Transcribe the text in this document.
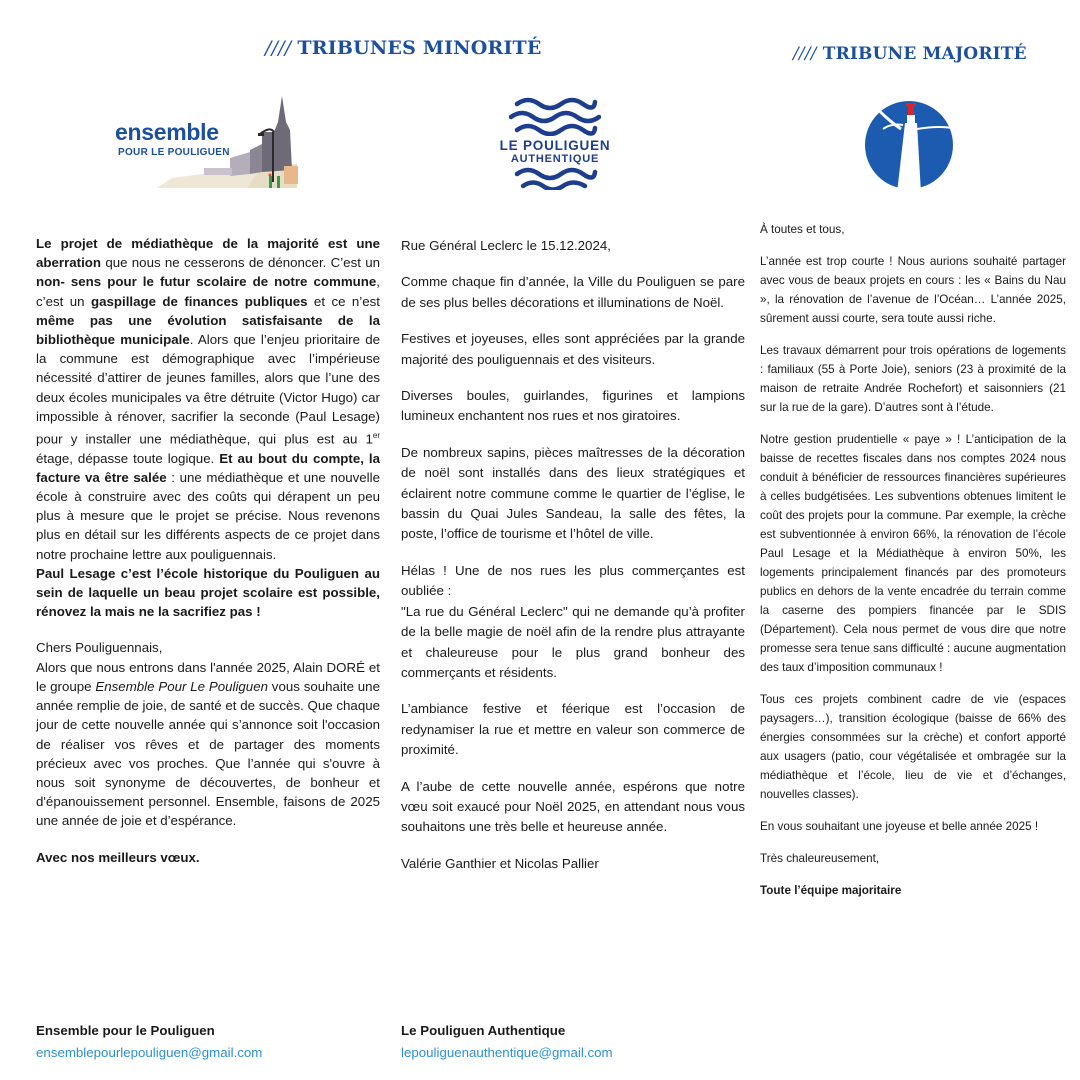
//// TRIBUNES MINORITÉ	//// TRIBUNE MAJORITÉ
ensemble
POUR LE POULIGUEN	LE POULIGUEN
AUTHENTIQUE

Le projet de médiathèque de la majorité est une aberration que nous ne cesserons de dénoncer. C’est un non- sens pour le futur scolaire de notre commune, c’est un gaspillage de finances publiques et ce n’est même pas une évolution satisfaisante de la bibliothèque municipale. Alors que l’enjeu prioritaire de la commune est démographique avec l’impérieuse nécessité d’attirer de jeunes familles, alors que l’une des deux écoles municipales va être détruite (Victor Hugo) car impossible à rénover, sacrifier la seconde (Paul Lesage) pour y installer une médiathèque, qui plus est au 1er étage, dépasse toute logique. Et au bout du compte, la facture va être salée : une médiathèque et une nouvelle école à construire avec des coûts qui dérapent un peu plus à mesure que le projet se précise. Nous revenons plus en détail sur les différents aspects de ce projet dans notre prochaine lettre aux pouliguennais.
Paul Lesage c’est l’école historique du Pouliguen au sein de laquelle un beau projet scolaire est possible, rénovez la mais ne la sacrifiez pas !

Chers Pouliguennais,
Alors que nous entrons dans l'année 2025, Alain DORÉ et le groupe Ensemble Pour Le Pouliguen vous souhaite une année remplie de joie, de santé et de succès. Que chaque jour de cette nouvelle année qui s’annonce soit l'occasion de réaliser vos rêves et de partager des moments précieux avec vos proches. Que l’année qui s'ouvre à nous soit synonyme de découvertes, de bonheur et d'épanouissement personnel. Ensemble, faisons de 2025 une année de joie et d’espérance.

Avec nos meilleurs vœux.

Rue Général Leclerc le 15.12.2024,

Comme chaque fin d’année, la Ville du Pouliguen se pare de ses plus belles décorations et illuminations de Noël.

Festives et joyeuses, elles sont appréciées par la grande majorité des pouliguennais et des visiteurs.

Diverses boules, guirlandes, figurines et lampions lumineux enchantent nos rues et nos giratoires.

De nombreux sapins, pièces maîtresses de la décoration de noël sont installés dans des lieux stratégiques et éclairent notre commune comme le quartier de l’église, le bassin du Quai Jules Sandeau, la salle des fêtes, la poste, l’office de tourisme et l’hôtel de ville.

Hélas ! Une de nos rues les plus commerçantes est oubliée :
"La rue du Général Leclerc" qui ne demande qu’à profiter de la belle magie de noël afin de la rendre plus attrayante et chaleureuse pour le plus grand bonheur des commerçants et résidents.

L’ambiance festive et féerique est l’occasion de redynamiser la rue et mettre en valeur son commerce de proximité.

A l’aube de cette nouvelle année, espérons que notre vœu soit exaucé pour Noël 2025, en attendant nous vous souhaitons une très belle et heureuse année.

Valérie Ganthier et Nicolas Pallier

À toutes et tous,

L’année est trop courte ! Nous aurions souhaité partager avec vous de beaux projets en cours : les « Bains du Nau », la rénovation de l’avenue de l’Océan… L’année 2025, sûrement aussi courte, sera toute aussi riche.

Les travaux démarrent pour trois opérations de logements : familiaux (55 à Porte Joie), seniors (23 à proximité de la maison de retraite Andrée Rochefort) et saisonniers (21 sur la rue de la gare). D’autres sont à l’étude.

Notre gestion prudentielle « paye » ! L’anticipation de la baisse de recettes fiscales dans nos comptes 2024 nous conduit à bénéficier de ressources financières supérieures à celles budgétisées. Les subventions obtenues limitent le coût des projets pour la commune. Par exemple, la crèche est subventionnée à environ 66%, la rénovation de l’école Paul Lesage et la Médiathèque à environ 50%, les logements principalement financés par des promoteurs publics en dehors de la vente encadrée du terrain comme la caserne des pompiers financée par le SDIS (Département). Cela nous permet de vous dire que notre promesse sera tenue sans difficulté : aucune augmentation des taux d’imposition communaux !

Tous ces projets combinent cadre de vie (espaces paysagers…), transition écologique (baisse de 66% des énergies consommées sur la crèche) et confort apporté aux usagers (patio, cour végétalisée et ombragée sur la médiathèque et l’école, lieu de vie et d’échanges, nouvelles classes).

En vous souhaitant une joyeuse et belle année 2025 !

Très chaleureusement,

Toute l’équipe majoritaire

Ensemble pour le Pouliguen
ensemblepourlepouliguen@gmail.com
Le Pouliguen Authentique
lepouliguenauthentique@gmail.com
